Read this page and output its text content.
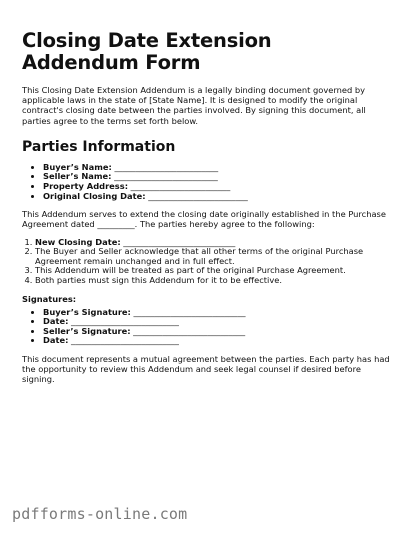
Closing Date Extension Addendum Form

This Closing Date Extension Addendum is a legally binding document governed by applicable laws in the state of [State Name]. It is designed to modify the original contract's closing date between the parties involved. By signing this document, all parties agree to the terms set forth below.

Parties Information
• Buyer’s Name: _________________________
• Seller’s Name: _________________________
• Property Address: ________________________
• Original Closing Date: ________________________

This Addendum serves to extend the closing date originally established in the Purchase Agreement dated _________. The parties hereby agree to the following:

1. New Closing Date: ___________________________
2. The Buyer and Seller acknowledge that all other terms of the original Purchase Agreement remain unchanged and in full effect.
3. This Addendum will be treated as part of the original Purchase Agreement.
4. Both parties must sign this Addendum for it to be effective.
Signatures:
• Buyer’s Signature: ___________________________
• Date: __________________________
• Seller’s Signature: ___________________________
• Date: __________________________

This document represents a mutual agreement between the parties. Each party has had the opportunity to review this Addendum and seek legal counsel if desired before signing.

pdfforms-online.com
